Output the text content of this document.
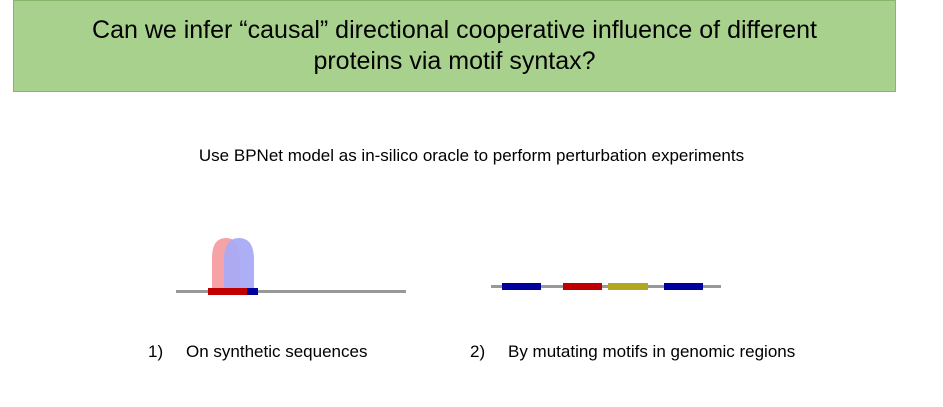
Can we infer “causal” directional cooperative influence of different proteins via motif syntax?
Use BPNet model as in-silico oracle to perform perturbation experiments
1) On synthetic sequences	2) By mutating motifs in genomic regions
